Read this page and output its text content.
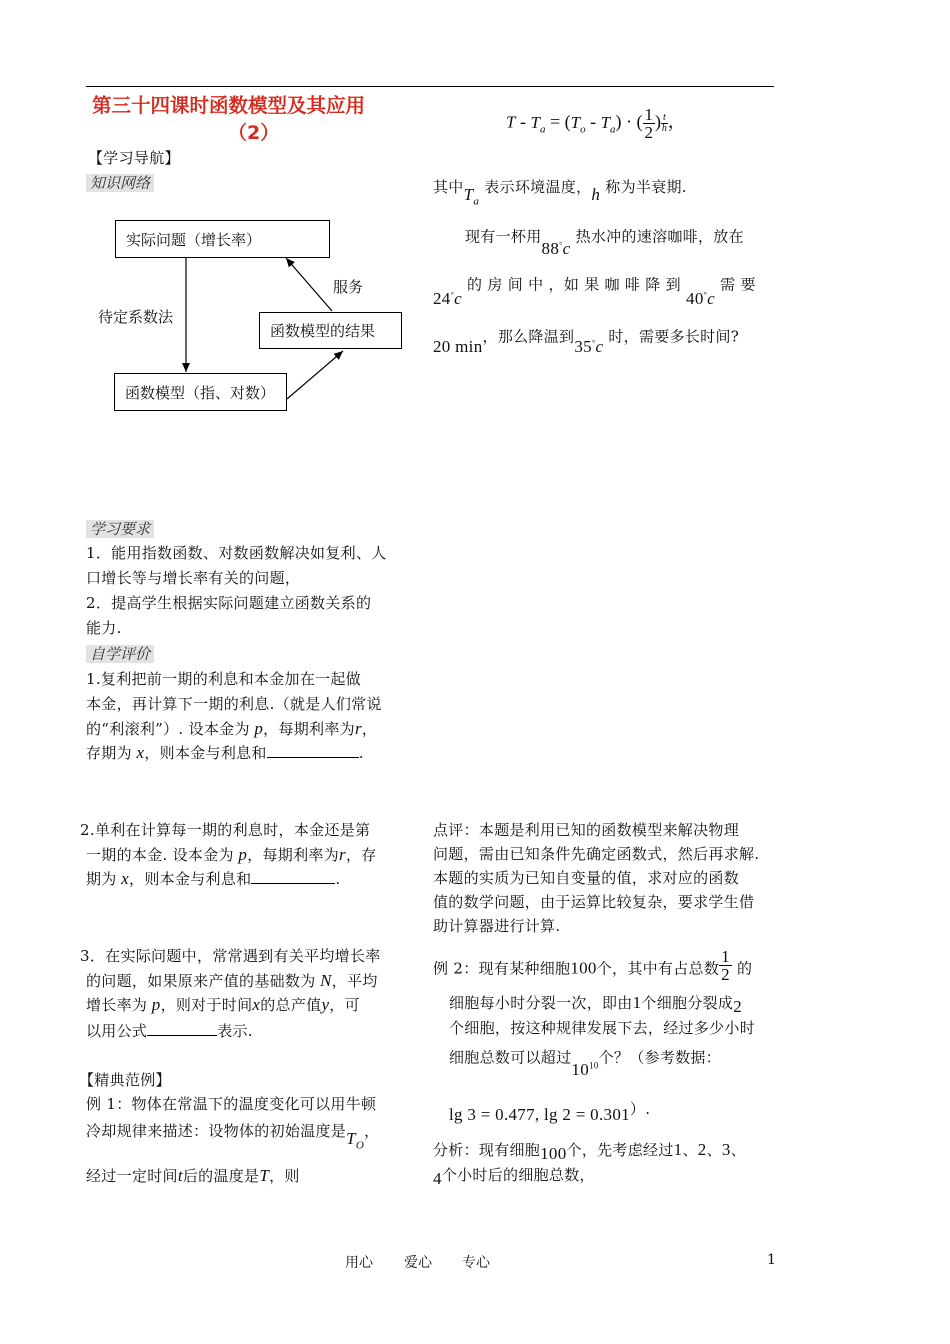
第三十四课时函数模型及其应用
（2）
【学习导航】
知识网络
实际问题（增长率）
函数模型（指、对数）
函数模型的结果
待定系数法
服务
学习要求
1．能用指数函数、对数函数解决如复利、人
口增长等与增长率有关的问题，
2．提高学生根据实际问题建立函数关系的
能力.
自学评价
1.复利把前一期的利息和本金加在一起做
本金，再计算下一期的利息.（就是人们常说
的“利滚利”）. 设本金为 p，每期利率为r，
存期为 x，则本金与利息和	.
2.单利在计算每一期的利息时，本金还是第
一期的本金. 设本金为 p，每期利率为r，存
期为 x，则本金与利息和	.
3．在实际问题中，常常遇到有关平均增长率
的问题，如果原来产值的基础数为 N，平均
增长率为 p，则对于时间x的总产值y，可
以用公式	表示.
【精典范例】
例 1：物体在常温下的温度变化可以用牛顿
冷却规律来描述：设物体的初始温度是$T_O$，
经过一定时间t后的温度是T，则
$T - T_a = (T_o - T_a)$ · ( $\frac{1}{2}$ ) $\frac{t}{h}$ ，
其中$T_a$ 表示环境温度，h 称为半衰期.
现有一杯用88°c 热水冲的速溶咖啡，放在
24°c 的 房 间 中 ，如 果 咖 啡 降 到 40°c 需 要
20 min，那么降温到35°c 时，需要多长时间?
点评：本题是利用已知的函数模型来解决物理
问题，需由已知条件先确定函数式，然后再求解.
本题的实质为已知自变量的值，求对应的函数
值的数学问题，由于运算比较复杂，要求学生借
助计算器进行计算.
例 2：现有某种细胞100个，其中有占总数 $\frac{1}{2}$ 的
细胞每小时分裂一次，即由1个细胞分裂成2
个细胞，按这种规律发展下去，经过多少小时
细胞总数可以超过$10^{10}$个？（参考数据：
lg 3 = 0.477, lg 2 = 0.301）.
分析：现有细胞100个，先考虑经过1、2、3、
4个小时后的细胞总数，
用心 爱心 专心	1
